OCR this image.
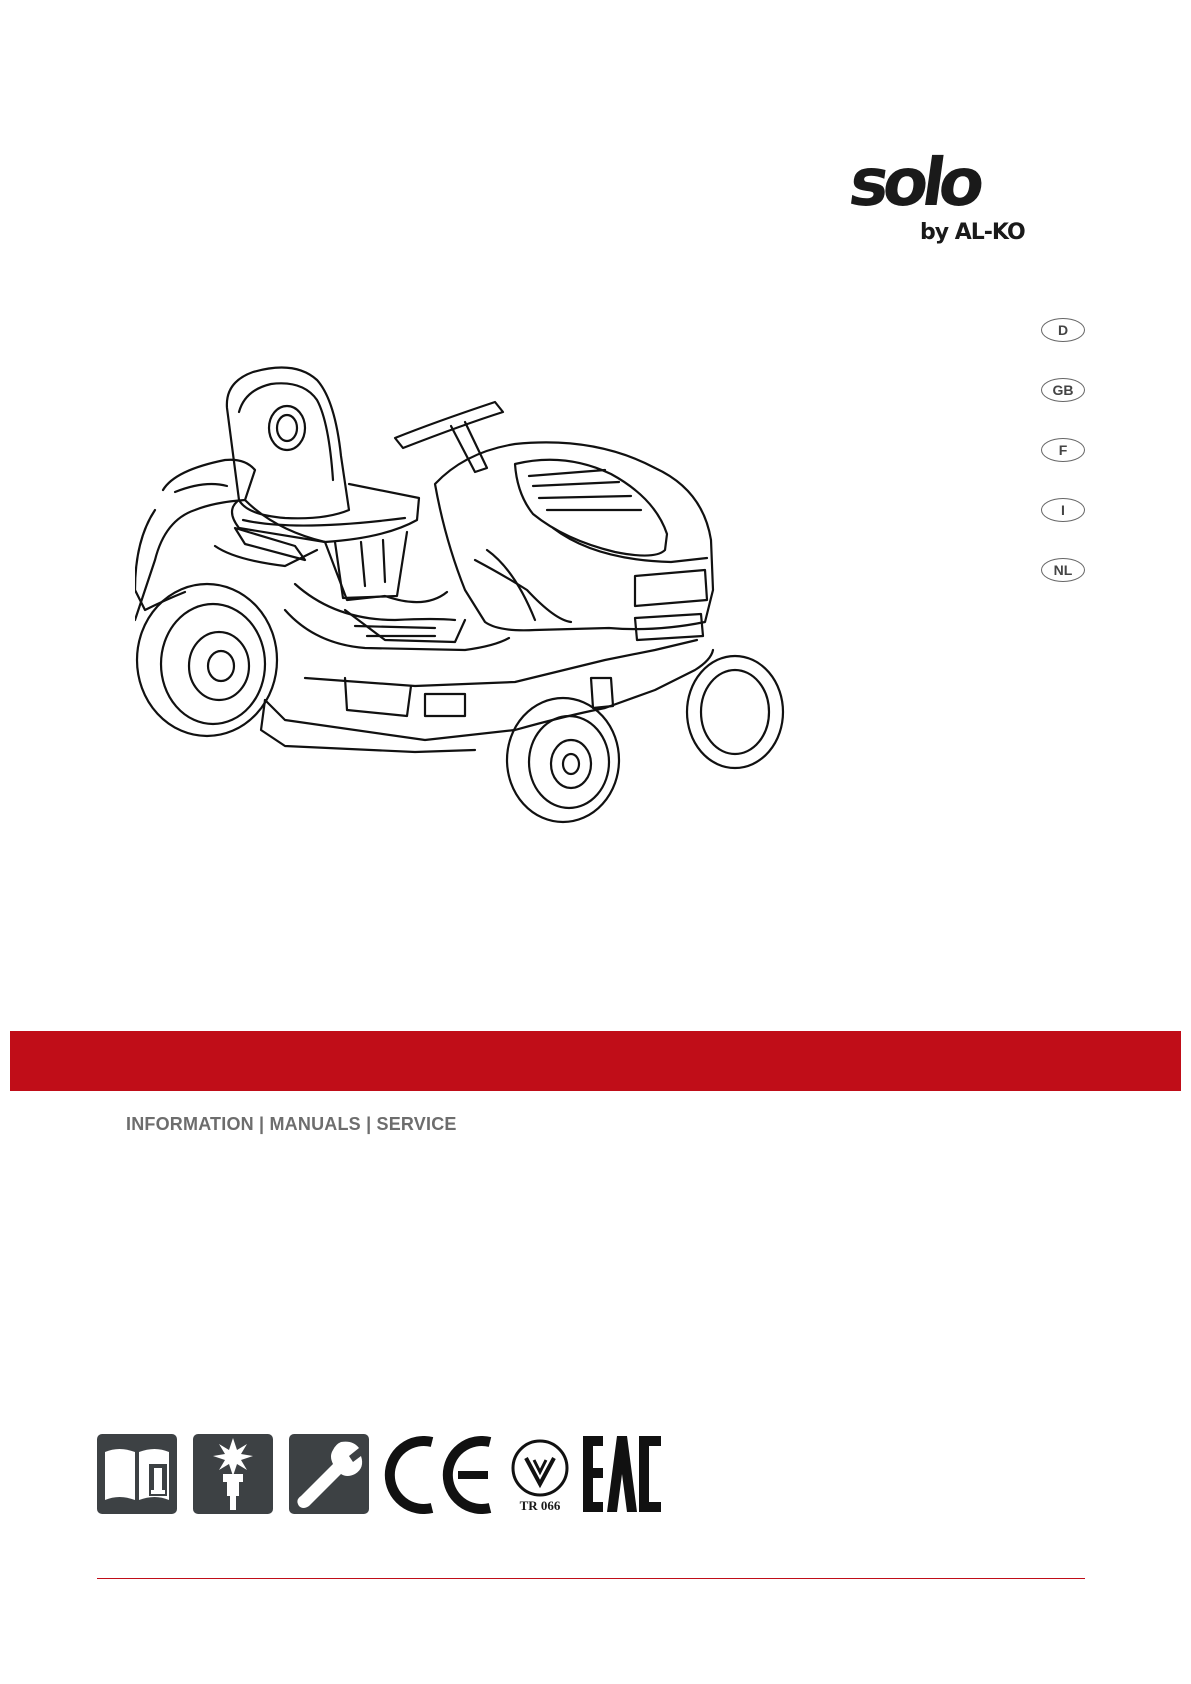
solo
by AL-KO
D
GB
F
I
NL
INFORMATION | MANUALS | SERVICE
TR 066
